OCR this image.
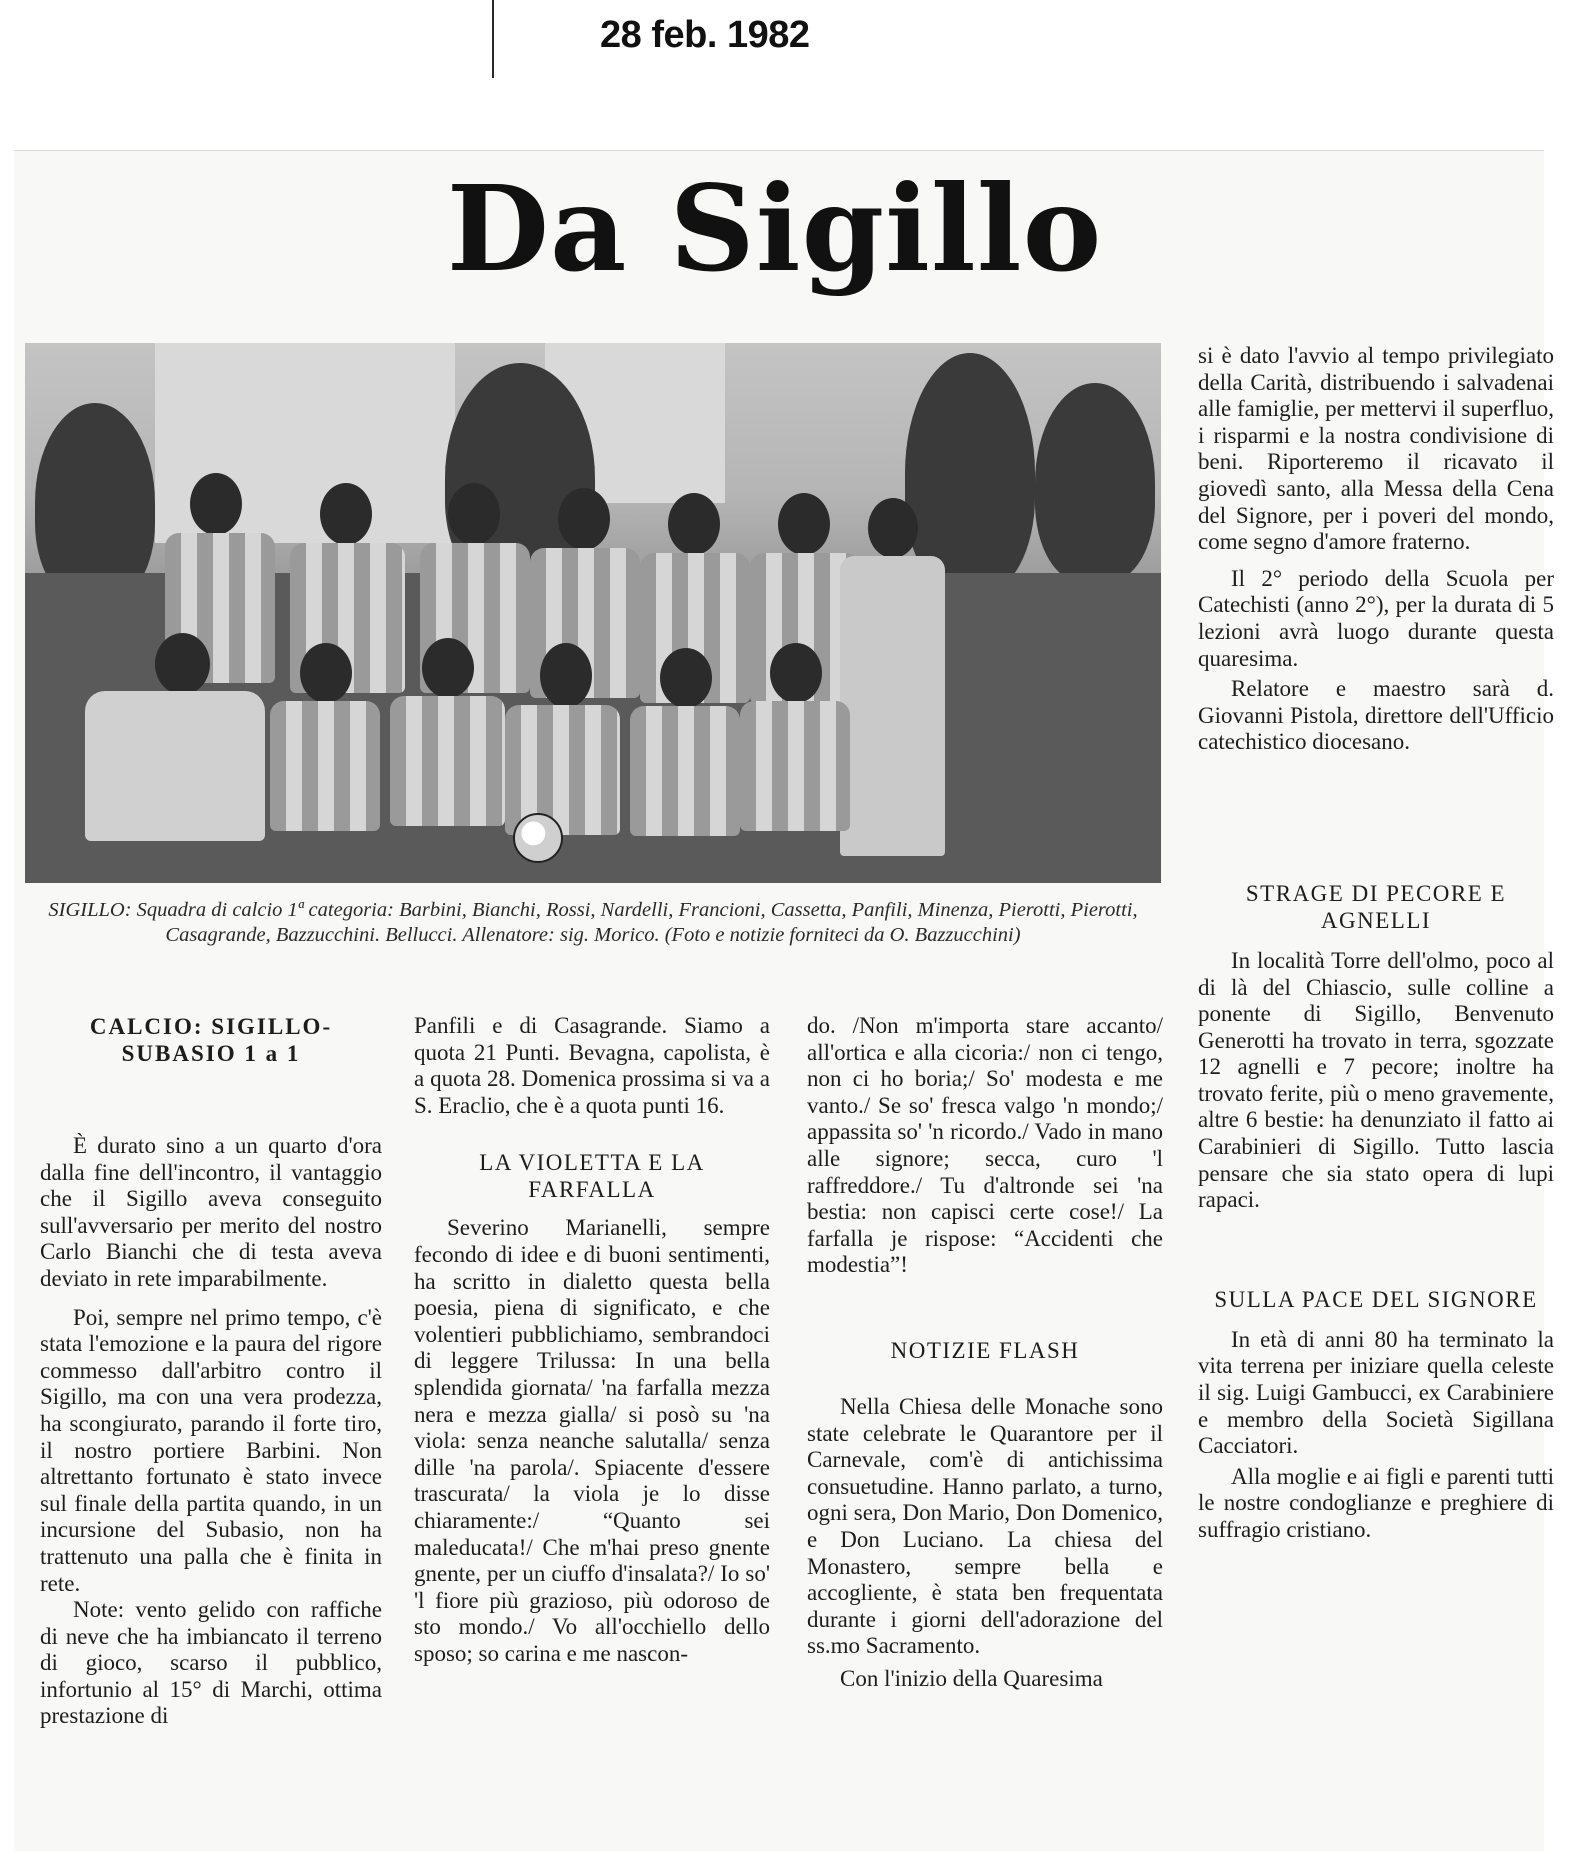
28 feb. 1982
Da Sigillo
SIGILLO: Squadra di calcio 1ª categoria: Barbini, Bianchi, Rossi, Nardelli, Francioni, Cassetta, Panfili, Minenza, Pierotti, Pierotti, Casagrande, Bazzucchini. Bellucci. Allenatore: sig. Morico. (Foto e notizie forniteci da O. Bazzucchini)
CALCIO: SIGILLO-SUBASIO 1 a 1

È durato sino a un quarto d'ora dalla fine dell'incontro, il vantaggio che il Sigillo aveva conseguito sull'avversario per merito del nostro Carlo Bianchi che di testa aveva deviato in rete imparabilmente.

Poi, sempre nel primo tempo, c'è stata l'emozione e la paura del rigore commesso dall'arbitro contro il Sigillo, ma con una vera prodezza, ha scongiurato, parando il forte tiro, il nostro portiere Barbini. Non altrettanto fortunato è stato invece sul finale della partita quando, in un incursione del Subasio, non ha trattenuto una palla che è finita in rete.

Note: vento gelido con raffiche di neve che ha imbiancato il terreno di gioco, scarso il pubblico, infortunio al 15° di Marchi, ottima prestazione di

Panfili e di Casagrande. Siamo a quota 21 Punti. Bevagna, capolista, è a quota 28. Domenica prossima si va a S. Eraclio, che è a quota punti 16.

LA VIOLETTA E LA FARFALLA

Severino Marianelli, sempre fecondo di idee e di buoni sentimenti, ha scritto in dialetto questa bella poesia, piena di significato, e che volentieri pubblichiamo, sembrandoci di leggere Trilussa: In una bella splendida giornata/ 'na farfalla mezza nera e mezza gialla/ si posò su 'na viola: senza neanche salutalla/ senza dille 'na parola/. Spiacente d'essere trascurata/ la viola je lo disse chiaramente:/ “Quanto sei maleducata!/ Che m'hai preso gnente gnente, per un ciuffo d'insalata?/ Io so' 'l fiore più grazioso, più odoroso de sto mondo./ Vo all'occhiello dello sposo; so carina e me nascon-

do. /Non m'importa stare accanto/ all'ortica e alla cicoria:/ non ci tengo, non ci ho boria;/ So' modesta e me vanto./ Se so' fresca valgo 'n mondo;/ appassita so' 'n ricordo./ Vado in mano alle signore; secca, curo 'l raffreddore./ Tu d'altronde sei 'na bestia: non capisci certe cose!/ La farfalla je rispose: “Accidenti che modestia”!

NOTIZIE FLASH

Nella Chiesa delle Monache sono state celebrate le Quarantore per il Carnevale, com'è di antichissima consuetudine. Hanno parlato, a turno, ogni sera, Don Mario, Don Domenico, e Don Luciano. La chiesa del Monastero, sempre bella e accogliente, è stata ben frequentata durante i giorni dell'adorazione del ss.mo Sacramento.

Con l'inizio della Quaresima

si è dato l'avvio al tempo privilegiato della Carità, distribuendo i salvadenai alle famiglie, per mettervi il superfluo, i risparmi e la nostra condivisione di beni. Riporteremo il ricavato il giovedì santo, alla Messa della Cena del Signore, per i poveri del mondo, come segno d'amore fraterno.

Il 2° periodo della Scuola per Catechisti (anno 2°), per la durata di 5 lezioni avrà luogo durante questa quaresima.

Relatore e maestro sarà d. Giovanni Pistola, direttore dell'Ufficio catechistico diocesano.

STRAGE DI PECORE E AGNELLI

In località Torre dell'olmo, poco al di là del Chiascio, sulle colline a ponente di Sigillo, Benvenuto Generotti ha trovato in terra, sgozzate 12 agnelli e 7 pecore; inoltre ha trovato ferite, più o meno gravemente, altre 6 bestie: ha denunziato il fatto ai Carabinieri di Sigillo. Tutto lascia pensare che sia stato opera di lupi rapaci.

SULLA PACE DEL SIGNORE

In età di anni 80 ha terminato la vita terrena per iniziare quella celeste il sig. Luigi Gambucci, ex Carabiniere e membro della Società Sigillana Cacciatori.

Alla moglie e ai figli e parenti tutti le nostre condoglianze e preghiere di suffragio cristiano.
